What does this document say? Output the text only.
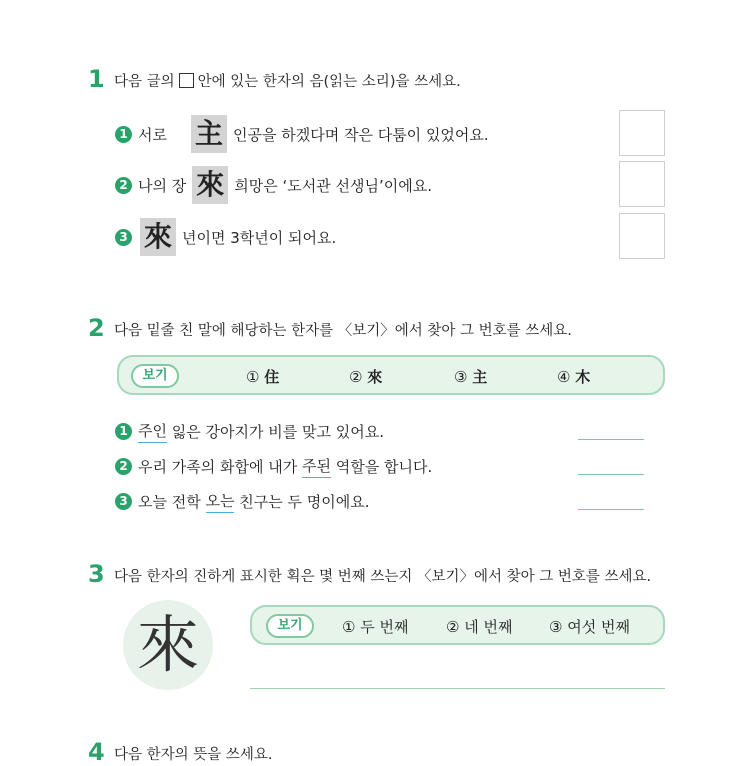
1 다음 글의 안에 있는 한자의 음(읽는 소리)을 쓰세요.
1 서로 主 인공을 하겠다며 작은 다툼이 있었어요.
2 나의 장 來 희망은 ‘도서관 선생님’이에요.
3 來 년이면 3학년이 되어요.
2 다음 밑줄 친 말에 해당하는 한자를 〈보기〉에서 찾아 그 번호를 쓰세요.
보기	① 住	② 來	③ 主	④ 木
1 주인 잃은 강아지가 비를 맞고 있어요.
2 우리 가족의 화합에 내가 주된 역할을 합니다.
3 오늘 전학 오는 친구는 두 명이에요.
3 다음 한자의 진하게 표시한 획은 몇 번째 쓰는지 〈보기〉에서 찾아 그 번호를 쓰세요.
來	보기	① 두 번째	② 네 번째 ③ 여섯 번째
4 다음 한자의 뜻을 쓰세요.
